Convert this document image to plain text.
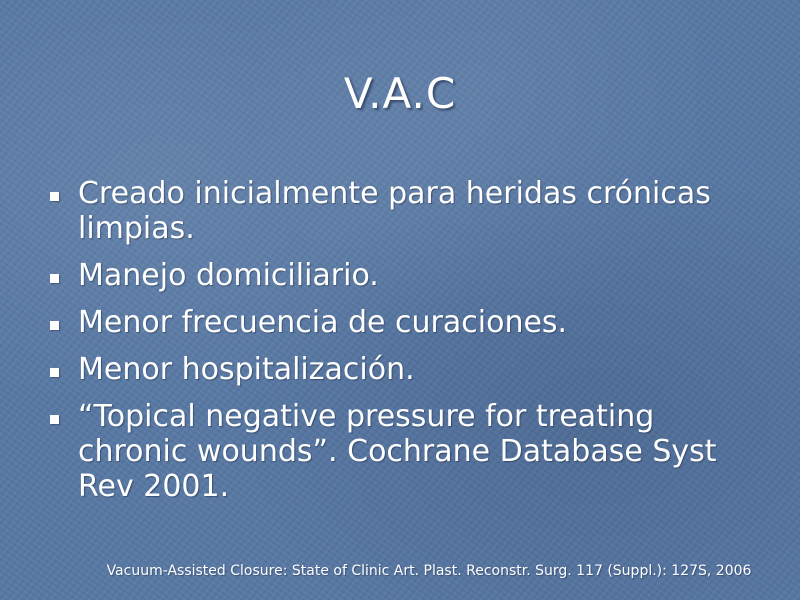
V.A.C
Creado inicialmente para heridas crónicas limpias.
Manejo domiciliario.
Menor frecuencia de curaciones.
Menor hospitalización.
“Topical negative pressure for treating chronic wounds”. Cochrane Database Syst Rev 2001.
Vacuum-Assisted Closure: State of Clinic Art. Plast. Reconstr. Surg. 117 (Suppl.): 127S, 2006
